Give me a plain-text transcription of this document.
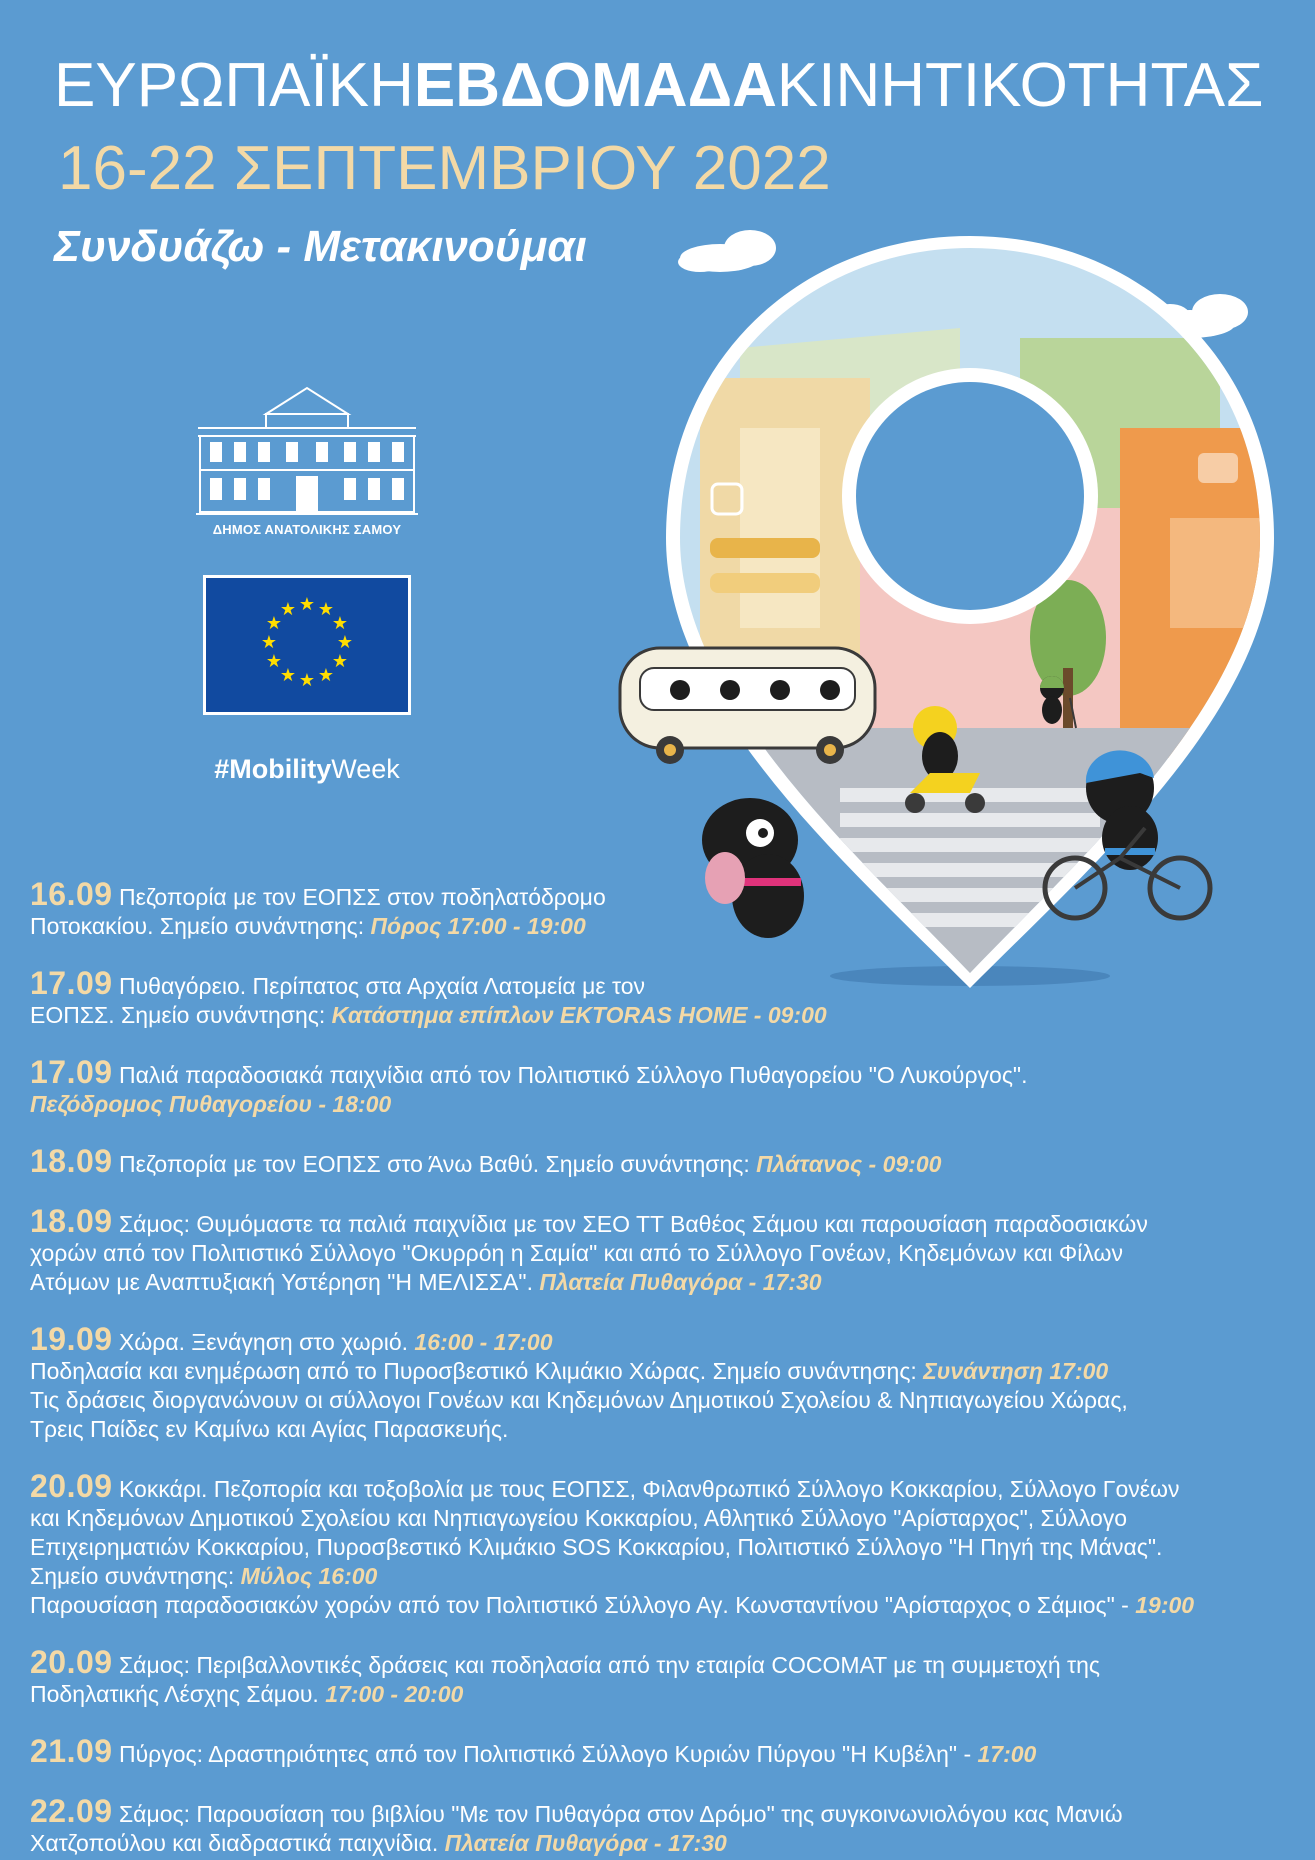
ΕΥΡΩΠΑΪΚΗΕΒΔΟΜΑΔΑΚΙΝΗΤΙΚΟΤΗΤΑΣ
16-22 ΣΕΠΤΕΜΒΡΙΟΥ 2022
Συνδυάζω - Μετακινούμαι
ΔΗΜΟΣ ΑΝΑΤΟΛΙΚΗΣ ΣΑΜΟΥ
★ ★
★
★
★
★
★
★
★
★
★
★
#MobilityWeek

16.09 Πεζοπορία με τον ΕΟΠΣΣ στον ποδηλατόδρομο
Ποτοκακίου. Σημείο συνάντησης: Πόρος 17:00 - 19:00

17.09 Πυθαγόρειο. Περίπατος στα Αρχαία Λατομεία με τον
ΕΟΠΣΣ. Σημείο συνάντησης: Κατάστημα επίπλων EKTORAS HOME - 09:00

17.09 Παλιά παραδοσιακά παιχνίδια από τον Πολιτιστικό Σύλλογο Πυθαγορείου "Ο Λυκούργος".
Πεζόδρομος Πυθαγορείου - 18:00

18.09 Πεζοπορία με τον ΕΟΠΣΣ στο Άνω Βαθύ. Σημείο συνάντησης: Πλάτανος - 09:00

18.09 Σάμος: Θυμόμαστε τα παλιά παιχνίδια με τον ΣΕΟ ΤΤ Βαθέος Σάμου και παρουσίαση παραδοσιακών
χορών από τον Πολιτιστικό Σύλλογο "Οκυρρόη η Σαμία" και από το Σύλλογο Γονέων, Κηδεμόνων και Φίλων
Ατόμων με Αναπτυξιακή Υστέρηση "Η ΜΕΛΙΣΣΑ". Πλατεία Πυθαγόρα - 17:30

19.09 Χώρα. Ξενάγηση στο χωριό. 16:00 - 17:00
Ποδηλασία και ενημέρωση από το Πυροσβεστικό Κλιμάκιο Χώρας. Σημείο συνάντησης: Συνάντηση 17:00
Τις δράσεις διοργανώνουν οι σύλλογοι Γονέων και Κηδεμόνων Δημοτικού Σχολείου & Νηπιαγωγείου Χώρας,
Τρεις Παίδες εν Καμίνω και Αγίας Παρασκευής.

20.09 Κοκκάρι. Πεζοπορία και τοξοβολία με τους ΕΟΠΣΣ, Φιλανθρωπικό Σύλλογο Κοκκαρίου, Σύλλογο Γονέων
και Κηδεμόνων Δημοτικού Σχολείου και Νηπιαγωγείου Κοκκαρίου, Αθλητικό Σύλλογο "Αρίσταρχος", Σύλλογο
Επιχειρηματιών Κοκκαρίου, Πυροσβεστικό Κλιμάκιο SOS Κοκκαρίου, Πολιτιστικό Σύλλογο "Η Πηγή της Μάνας".
Σημείο συνάντησης: Μύλος 16:00
Παρουσίαση παραδοσιακών χορών από τον Πολιτιστικό Σύλλογο Αγ. Κωνσταντίνου "Αρίσταρχος ο Σάμιος" - 19:00

20.09 Σάμος: Περιβαλλοντικές δράσεις και ποδηλασία από την εταιρία COCOMAT με τη συμμετοχή της
Ποδηλατικής Λέσχης Σάμου. 17:00 - 20:00

21.09 Πύργος: Δραστηριότητες από τον Πολιτιστικό Σύλλογο Κυριών Πύργου "Η Κυβέλη" - 17:00

22.09 Σάμος: Παρουσίαση του βιβλίου "Με τον Πυθαγόρα στον Δρόμο" της συγκοινωνιολόγου κας Μανιώ
Χατζοπούλου και διαδραστικά παιχνίδια. Πλατεία Πυθαγόρα - 17:30
